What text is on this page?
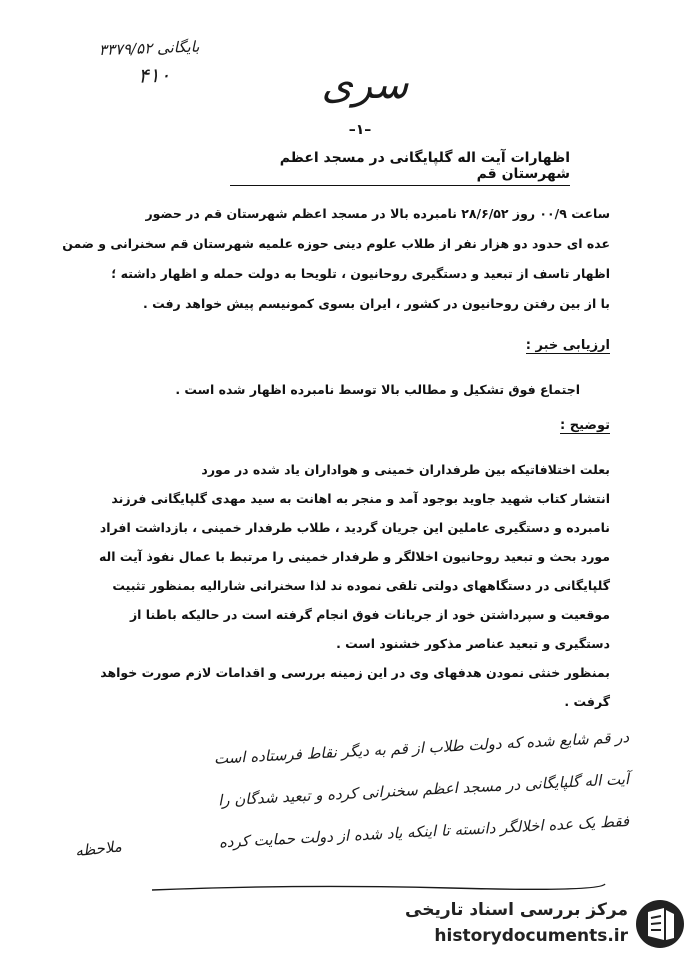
بایگانی ۳۳۷۹/۵۲
۴۱۰	سری
–۱–
اظهارات آیت اله گلپایگانی در مسجد اعظم شهرستان قم
ساعت ۰۰/۹ روز ۲۸/۶/۵۲ نامبرده بالا در مسجد اعظم شهرستان قم در حضور
عده ای حدود دو هزار نفر از طلاب علوم دینی حوزه علمیه شهرستان قم سخنرانی و ضمن
اظهار تاسف از تبعید و دستگیری روحانیون ، تلویحا به دولت حمله و اظهار داشته ؛
با از بین رفتن روحانیون در کشور ، ایران بسوی کمونیسم پیش خواهد رفت .
ارزیابی خبر :
اجتماع فوق تشکیل و مطالب بالا توسط نامبرده اظهار شده است .
توضیح :
بعلت اختلافاتیکه بین طرفداران خمینی و هواداران یاد شده در مورد
انتشار کتاب شهید جاوید بوجود آمد و منجر به اهانت به سید مهدی گلپایگانی فرزند
نامبرده و دستگیری عاملین این جریان گردید ، طلاب طرفدار خمینی ، بازداشت افراد
مورد بحث و تبعید روحانیون اخلالگر و طرفدار خمینی را مرتبط با عمال نفوذ آیت اله
گلپایگانی در دستگاههای دولتی تلقی نموده ند لذا سخنرانی شارالیه بمنظور تثبیت
موقعیت و سپرداشتن خود از جریانات فوق انجام گرفته است در حالیکه باطنا از
دستگیری و تبعید عناصر مذکور خشنود است .
بمنظور خنثی نمودن هدفهای وی در این زمینه بررسی و اقدامات لازم صورت خواهد
گرفت .
در قم شایع شده که دولت طلاب از قم به دیگر نقاط فرستاده است
آیت اله گلپایگانی در مسجد اعظم سخنرانی کرده و تبعید شدگان را
فقط یک عده اخلالگر دانسته تا اینکه یاد شده از دولت حمایت کرده
ملاحظه
مرکز بررسی اسناد تاریخی
historydocuments.ir
